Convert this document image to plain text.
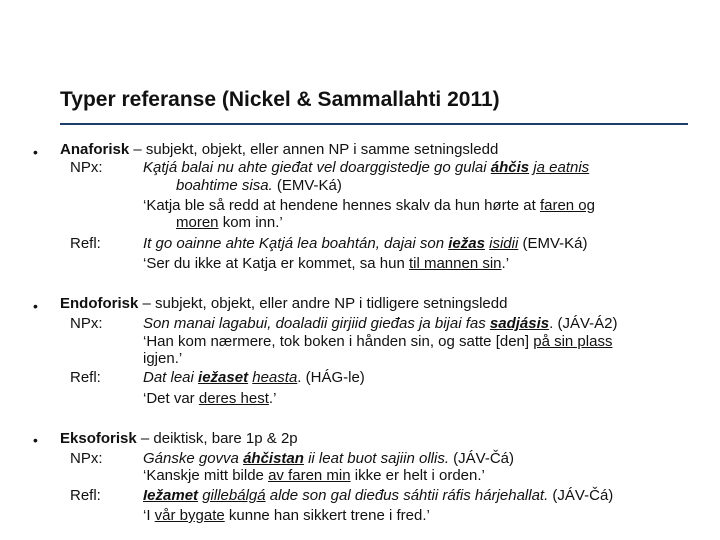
Typer referanse (Nickel & Sammallahti 2011)
• Anaforisk – subjekt, objekt, eller annen NP i samme setningsledd
NPx:	Ka̧tjá balai nu ahte gieđat vel doarggistedje go gulai áhčis ja eatnis
boahtime sisa. (EMV-Ká)
‘Katja ble så redd at hendene hennes skalv da hun hørte at faren og
moren kom inn.’
Refl:	It go oainne ahte Ka̧tjá lea boahtán, dajai son iežas isidii (EMV-Ká)
‘Ser du ikke at Katja er kommet, sa hun til mannen sin.’
• Endoforisk – subjekt, objekt, eller andre NP i tidligere setningsledd
NPx:	Son manai lagabui, doaladii girjiid gieđas ja bijai fas sadjásis. (JÁV-Á2)
‘Han kom nærmere, tok boken i hånden sin, og satte [den] på sin plass
igjen.’
Refl:	Dat leai iežaset heasta. (HÁG-le)
‘Det var deres hest.’
• Eksoforisk – deiktisk, bare 1p & 2p
NPx:	Gánske govva áhčistan ii leat buot sajiin ollis. (JÁV-Čá)
‘Kanskje mitt bilde av faren min ikke er helt i orden.’
Refl:	Iežamet gillebálgá alde son gal dieđus sáhtii ráfis hárjehallat. (JÁV-Čá)
‘I vår bygate kunne han sikkert trene i fred.’
